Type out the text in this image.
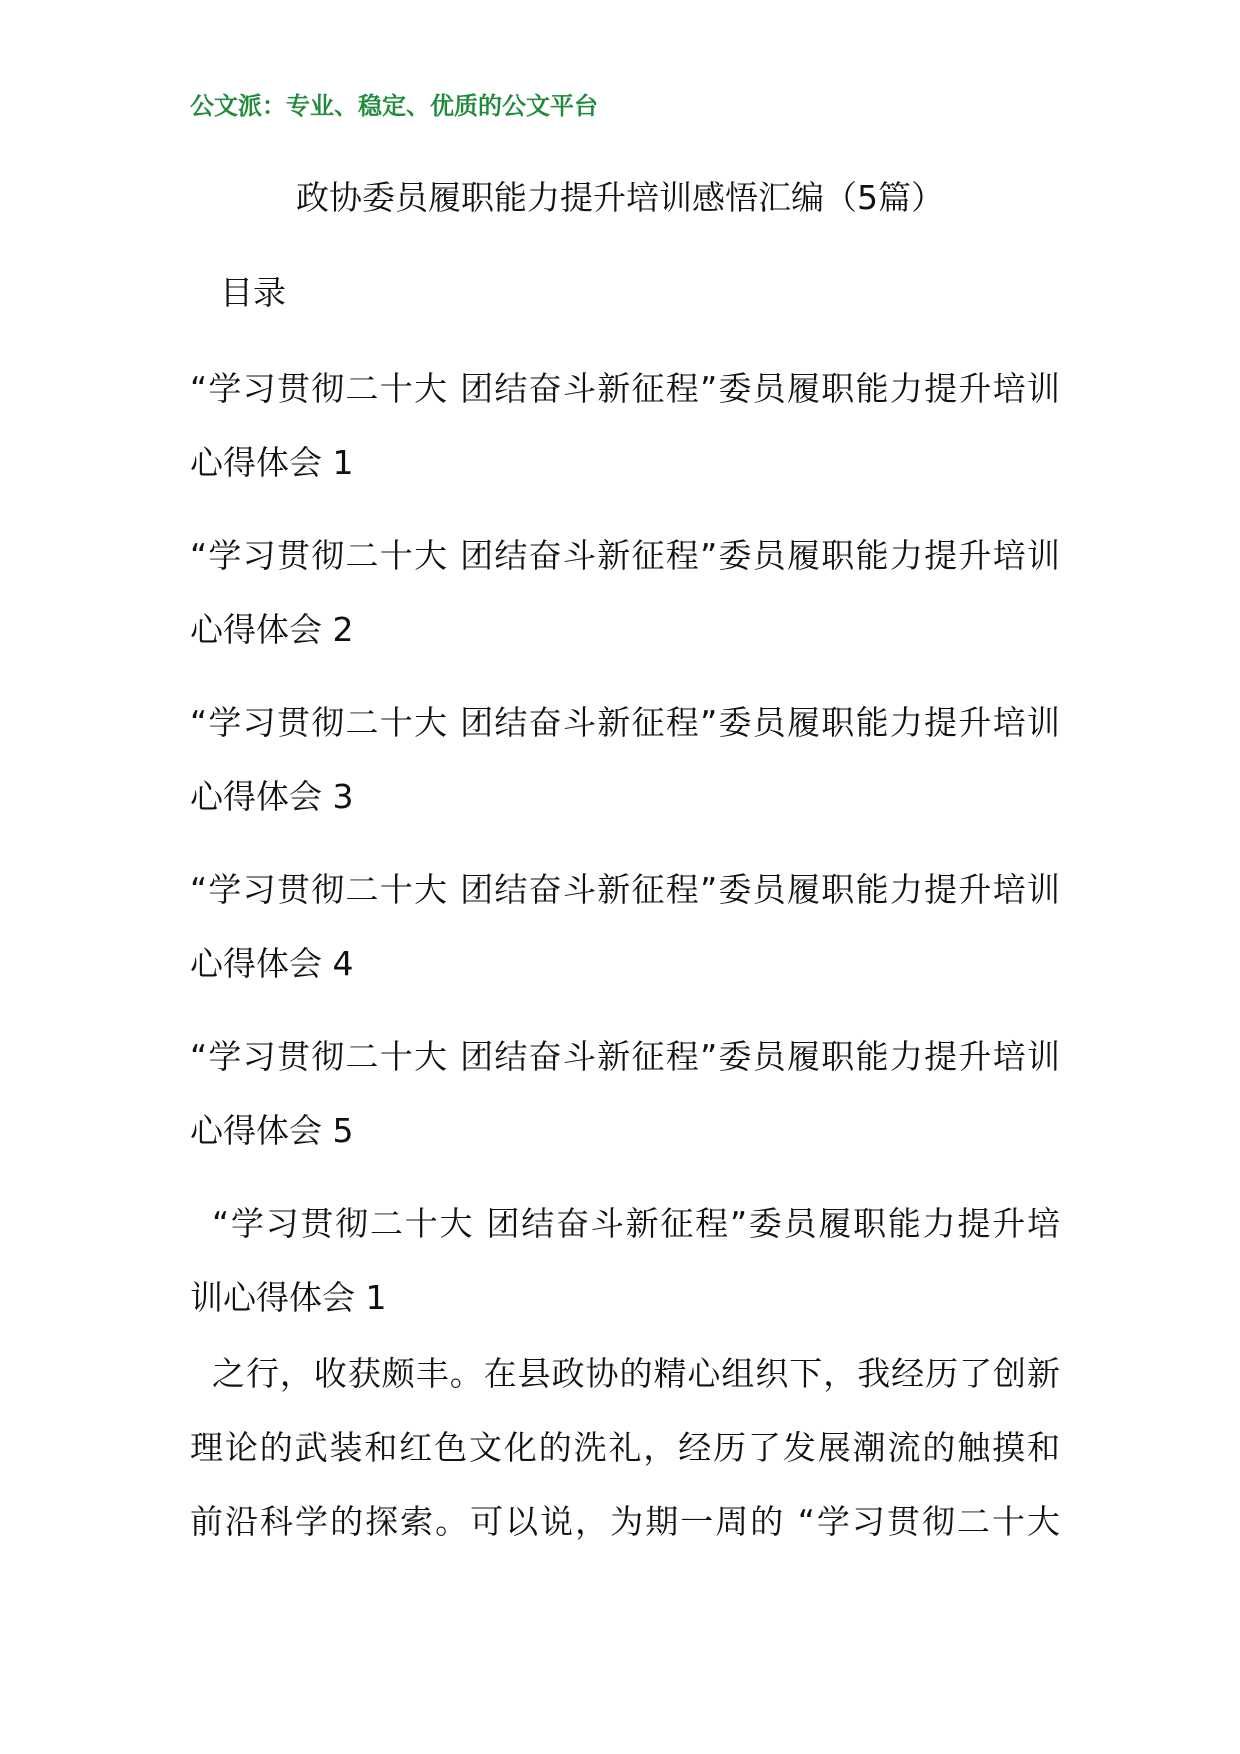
公文派：专业、稳定、优质的公文平台
政协委员履职能力提升培训感悟汇编（5篇）
目录
“学习贯彻二十大 团结奋斗新征程”委员履职能力提升培训
心得体会 1
“学习贯彻二十大 团结奋斗新征程”委员履职能力提升培训
心得体会 2
“学习贯彻二十大 团结奋斗新征程”委员履职能力提升培训
心得体会 3
“学习贯彻二十大 团结奋斗新征程”委员履职能力提升培训
心得体会 4
“学习贯彻二十大 团结奋斗新征程”委员履职能力提升培训
心得体会 5
“学习贯彻二十大 团结奋斗新征程”委员履职能力提升培
训心得体会 1
之行，收获颇丰。在县政协的精心组织下，我经历了创新
理论的武装和红色文化的洗礼，经历了发展潮流的触摸和
前沿科学的探索。可以说，为期一周的 “学习贯彻二十大
